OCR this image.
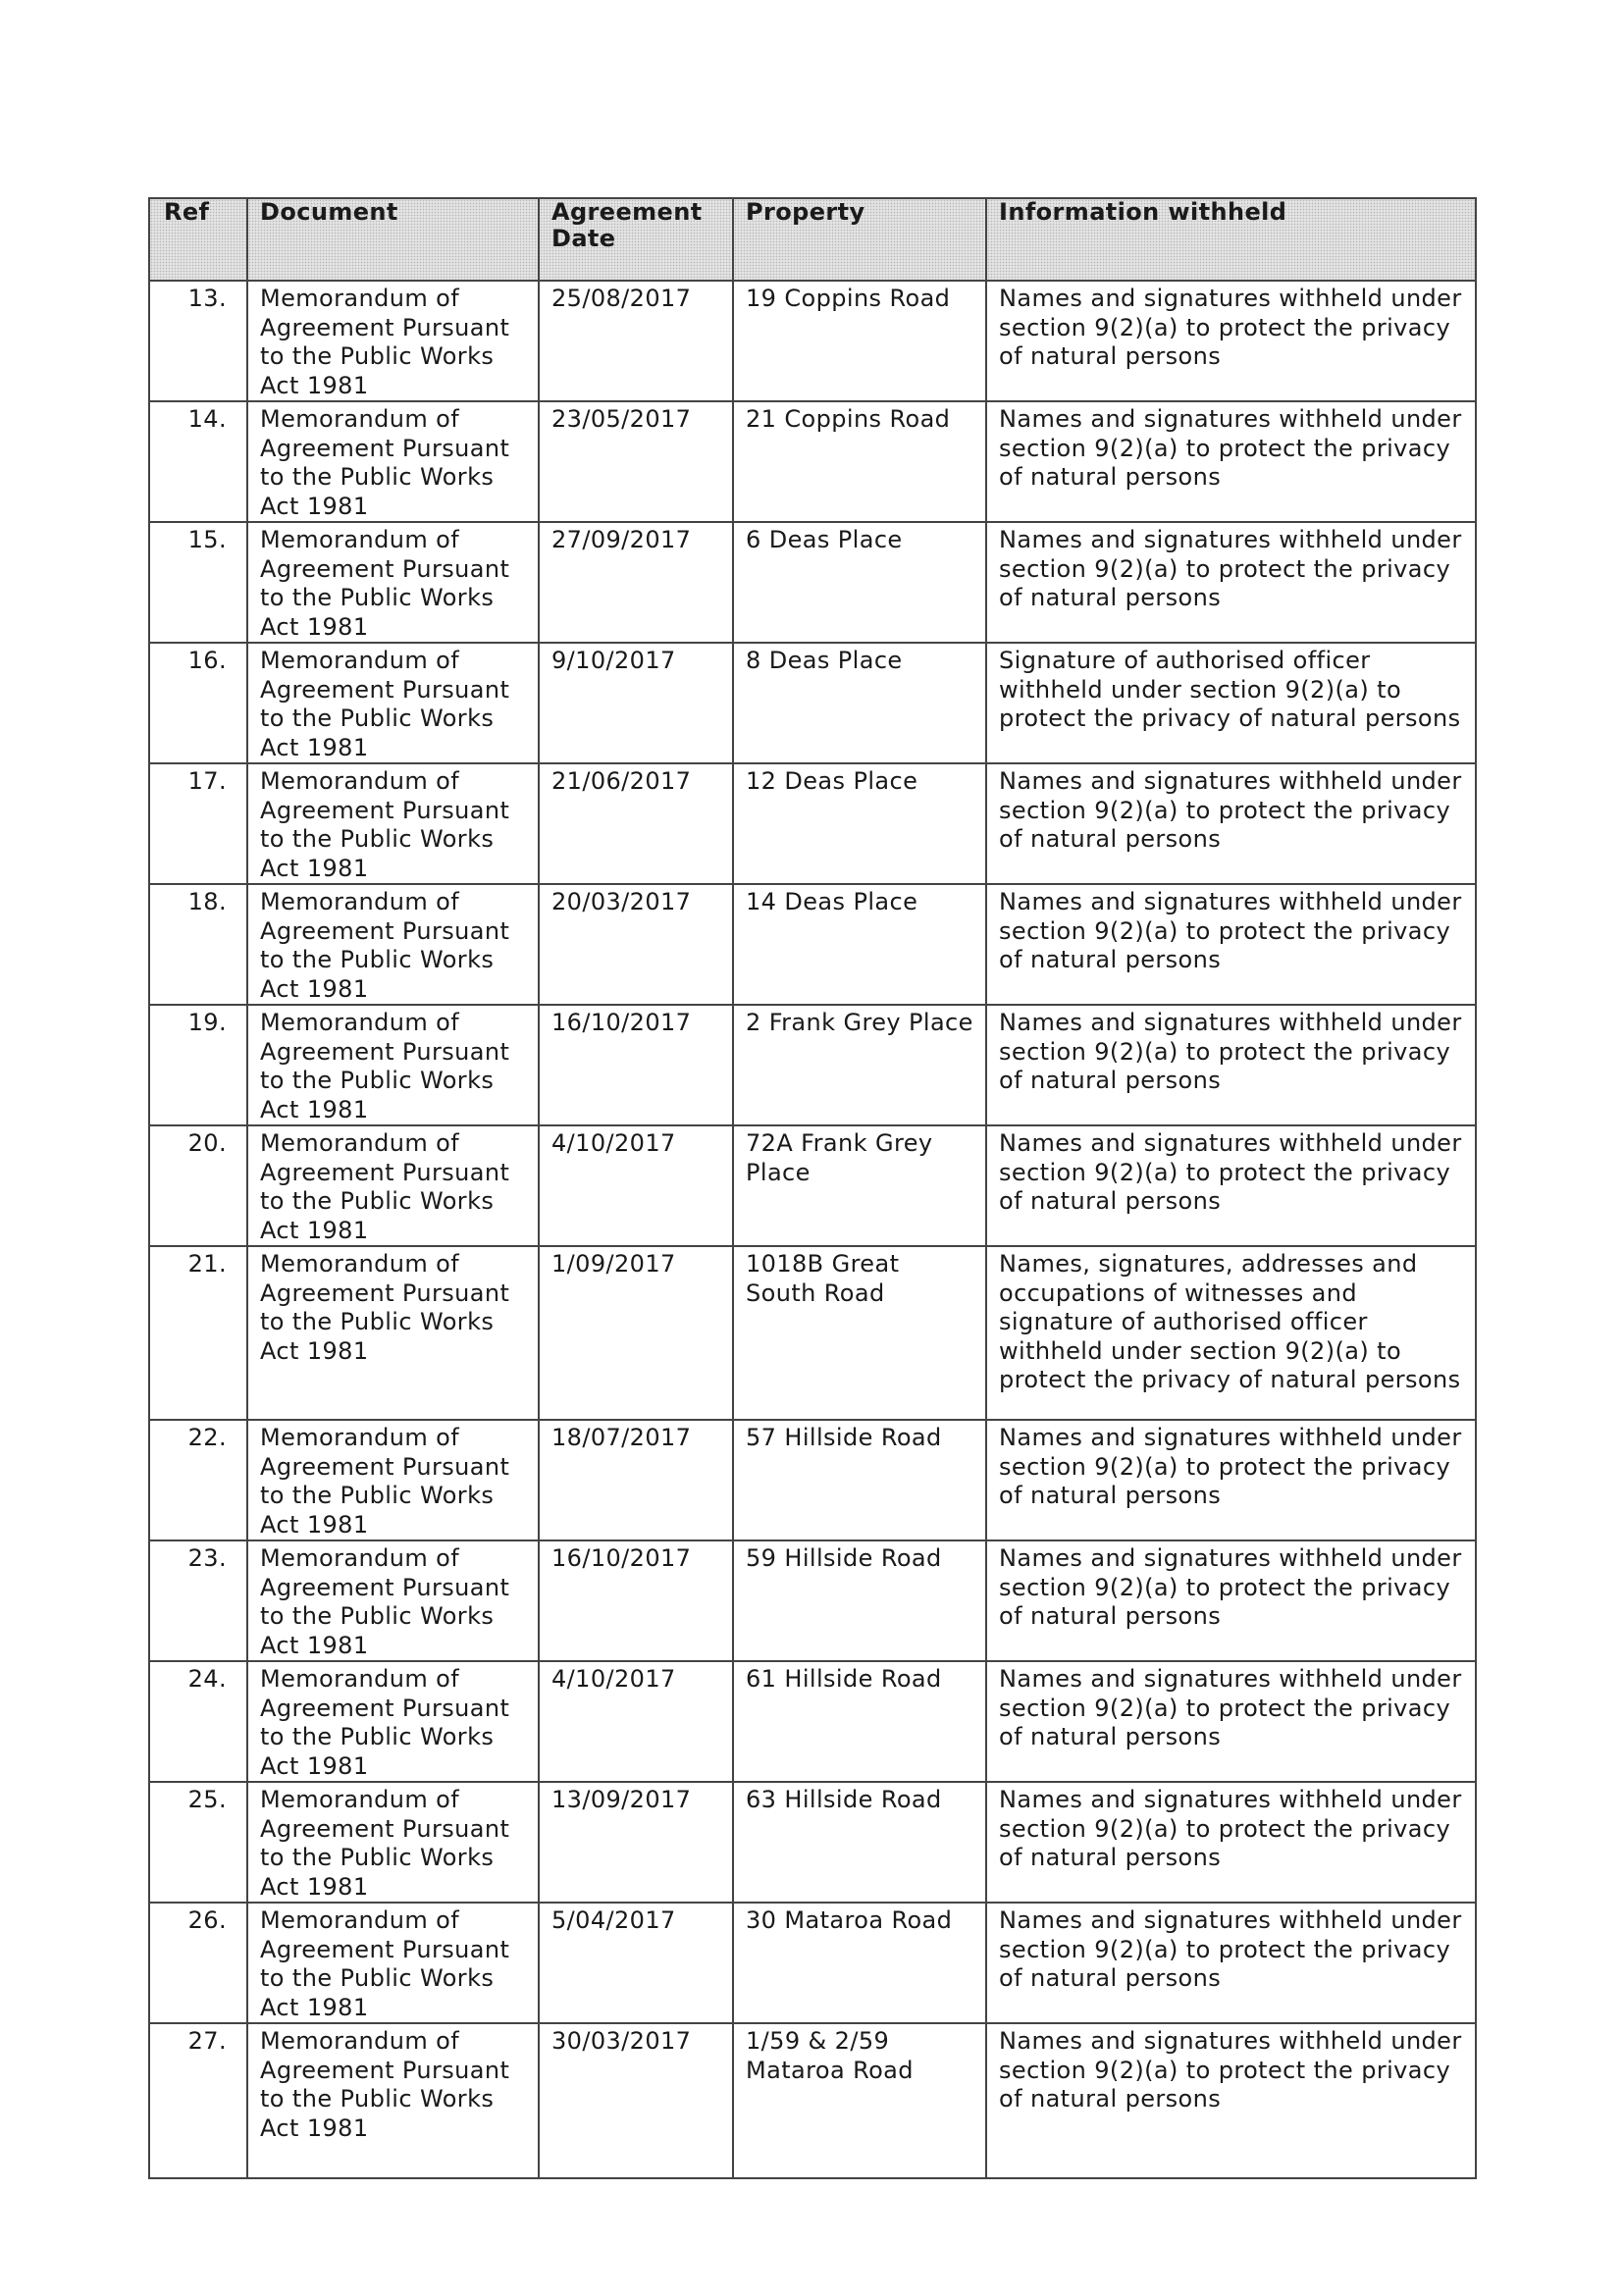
Ref	Document	Agreement Date	Property	Information withheld
13.	Memorandum of Agreement Pursuant to the Public Works Act 1981	25/08/2017	19 Coppins Road	Names and signatures withheld under section 9(2)(a) to protect the privacy of natural persons
14.	Memorandum of Agreement Pursuant to the Public Works Act 1981	23/05/2017	21 Coppins Road	Names and signatures withheld under section 9(2)(a) to protect the privacy of natural persons
15.	Memorandum of Agreement Pursuant to the Public Works Act 1981	27/09/2017	6 Deas Place	Names and signatures withheld under section 9(2)(a) to protect the privacy of natural persons
16.	Memorandum of Agreement Pursuant to the Public Works Act 1981	9/10/2017	8 Deas Place	Signature of authorised officer withheld under section 9(2)(a) to protect the privacy of natural persons
17.	Memorandum of Agreement Pursuant to the Public Works Act 1981	21/06/2017	12 Deas Place	Names and signatures withheld under section 9(2)(a) to protect the privacy of natural persons
18.	Memorandum of Agreement Pursuant to the Public Works Act 1981	20/03/2017	14 Deas Place	Names and signatures withheld under section 9(2)(a) to protect the privacy of natural persons
19.	Memorandum of Agreement Pursuant to the Public Works Act 1981	16/10/2017	2 Frank Grey Place	Names and signatures withheld under section 9(2)(a) to protect the privacy of natural persons
20.	Memorandum of Agreement Pursuant to the Public Works Act 1981	4/10/2017	72A Frank Grey Place	Names and signatures withheld under section 9(2)(a) to protect the privacy of natural persons
21.	Memorandum of Agreement Pursuant to the Public Works Act 1981	1/09/2017	1018B Great South Road	Names, signatures, addresses and occupations of witnesses and signature of authorised officer withheld under section 9(2)(a) to protect the privacy of natural persons
22.	Memorandum of Agreement Pursuant to the Public Works Act 1981	18/07/2017	57 Hillside Road	Names and signatures withheld under section 9(2)(a) to protect the privacy of natural persons
23.	Memorandum of Agreement Pursuant to the Public Works Act 1981	16/10/2017	59 Hillside Road	Names and signatures withheld under section 9(2)(a) to protect the privacy of natural persons
24.	Memorandum of Agreement Pursuant to the Public Works Act 1981	4/10/2017	61 Hillside Road	Names and signatures withheld under section 9(2)(a) to protect the privacy of natural persons
25.	Memorandum of Agreement Pursuant to the Public Works Act 1981	13/09/2017	63 Hillside Road	Names and signatures withheld under section 9(2)(a) to protect the privacy of natural persons
26.	Memorandum of Agreement Pursuant to the Public Works Act 1981	5/04/2017	30 Mataroa Road	Names and signatures withheld under section 9(2)(a) to protect the privacy of natural persons
27.	Memorandum of Agreement Pursuant to the Public Works Act 1981	30/03/2017	1/59 & 2/59 Mataroa Road	Names and signatures withheld under section 9(2)(a) to protect the privacy of natural persons
